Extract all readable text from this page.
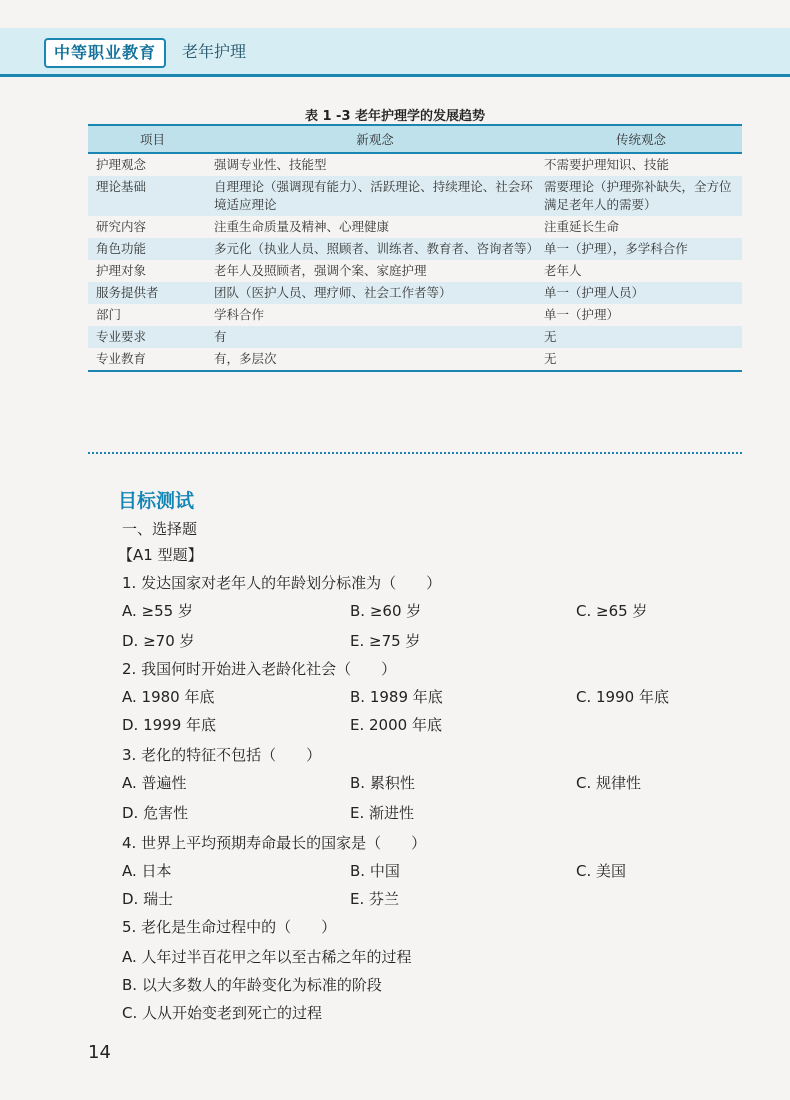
中等职业教育	老年护理
表 1 -3 老年护理学的发展趋势
项目	新观念	传统观念
护理观念	强调专业性、技能型	不需要护理知识、技能
理论基础	自理理论（强调现有能力）、活跃理论、持续理论、社会环境适应理论	需要理论（护理弥补缺失，全方位满足老年人的需要）
研究内容	注重生命质量及精神、心理健康	注重延长生命
角色功能	多元化（执业人员、照顾者、训练者、教育者、咨询者等）	单一（护理），多学科合作
护理对象	老年人及照顾者，强调个案、家庭护理	老年人
服务提供者	团队（医护人员、理疗师、社会工作者等）	单一（护理人员）
部门	学科合作	单一（护理）
专业要求	有	无
专业教育	有，多层次	无
目标测试
一、选择题
【A1 型题】
1. 发达国家对老年人的年龄划分标准为（　　）
A. ≥55 岁	B. ≥60 岁	C. ≥65 岁
D. ≥70 岁	E. ≥75 岁
2. 我国何时开始进入老龄化社会（　　）
A. 1980 年底	B. 1989 年底	C. 1990 年底
D. 1999 年底	E. 2000 年底
3. 老化的特征不包括（　　）
A. 普遍性	B. 累积性	C. 规律性
D. 危害性	E. 渐进性
4. 世界上平均预期寿命最长的国家是（　　）
A. 日本	B. 中国	C. 美国
D. 瑞士	E. 芬兰
5. 老化是生命过程中的（　　）
A. 人年过半百花甲之年以至古稀之年的过程
B. 以大多数人的年龄变化为标准的阶段
C. 人从开始变老到死亡的过程
14
